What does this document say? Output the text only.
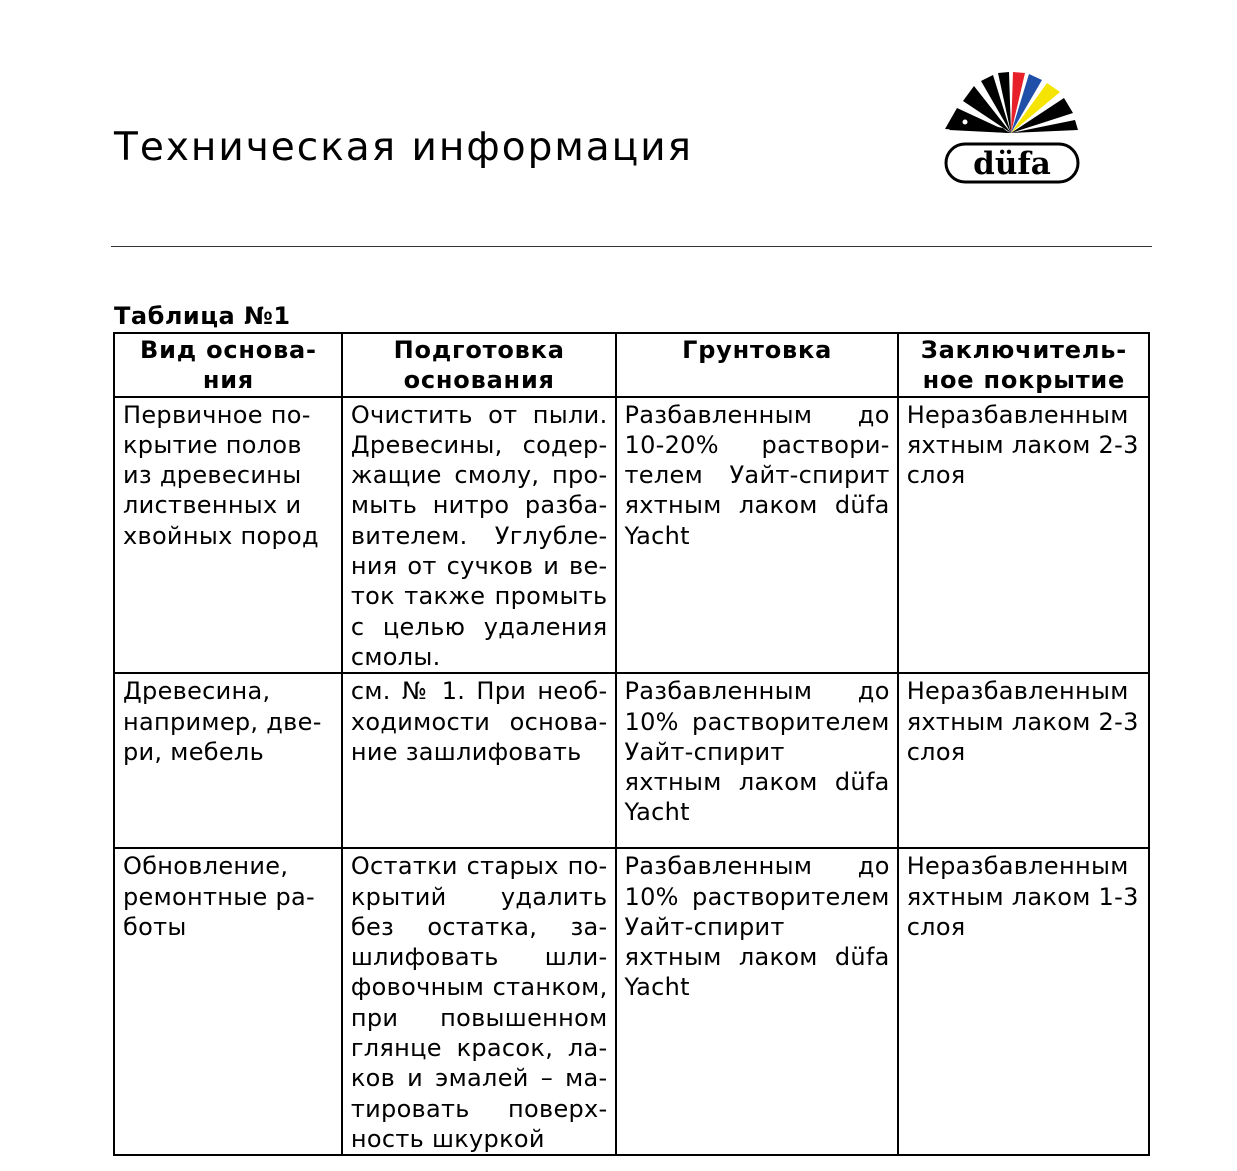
Техническая информация	düfa
Таблица №1
Вид основа-ния	Подготовка основания	Грунтовка	Заключитель-ное покрытие
Первичное по-крытие полов из древесины лиственных и хвойных пород	Очистить от пыли. Древесины, содер-жащие смолу, про-мыть нитро разба-вителем. Углубле-ния от сучков и ве-ток также промыть с целью удаления смолы.	Разбавленным до 10-20% раствори-телем Уайт-спирит яхтным лаком düfa Yacht	Неразбавленным яхтным лаком 2-3 слоя
Древесина, например, две-ри, мебель	см. № 1. При необ-ходимости основа-ние зашлифовать	Разбавленным до 10% растворителем Уайт-спирит яхтным лаком düfa Yacht	Неразбавленным яхтным лаком 2-3 слоя
Обновление, ремонтные ра-боты	Остатки старых по-крытий удалить без остатка, за-шлифовать шли-фовочным станком, при повышенном глянце красок, ла-ков и эмалей – ма-тировать поверх-ность шкуркой	Разбавленным до 10% растворителем Уайт-спирит яхтным лаком düfa Yacht	Неразбавленным яхтным лаком 1-3 слоя
